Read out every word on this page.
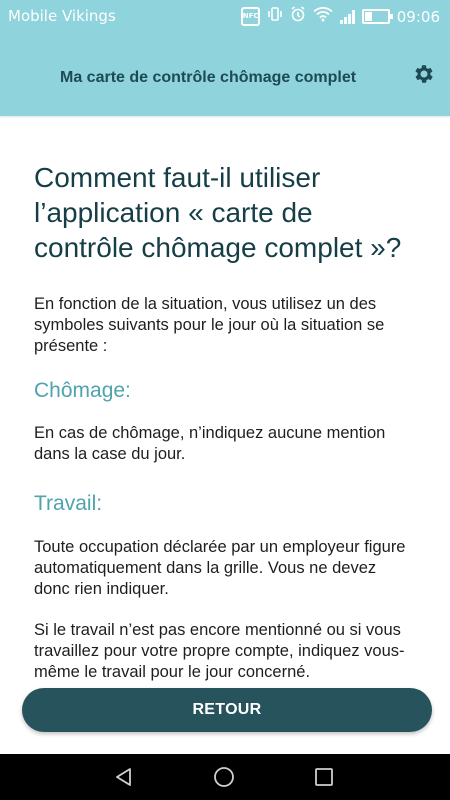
Mobile Vikings	NFC	09:06
Ma carte de contrôle chômage complet
Comment faut-il utiliser l’application « carte de contrôle chômage complet »?

En fonction de la situation, vous utilisez un des symboles suivants pour le jour où la situation se présente :

Chômage:

En cas de chômage, n’indiquez aucune mention dans la case du jour.

Travail:

Toute occupation déclarée par un employeur figure automatiquement dans la grille. Vous ne devez donc rien indiquer.

Si le travail n’est pas encore mentionné ou si vous travaillez pour votre propre compte, indiquez vous-même le travail pour le jour concerné.

RETOUR
